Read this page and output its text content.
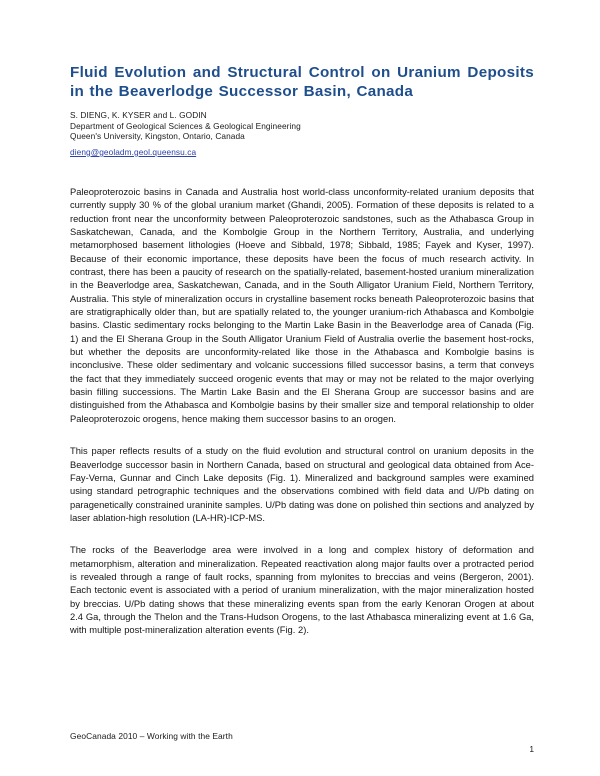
Fluid Evolution and Structural Control on Uranium Deposits
in the Beaverlodge Successor Basin, Canada
S. DIENG, K. KYSER and L. GODIN
Department of Geological Sciences & Geological Engineering
Queen's University, Kingston, Ontario, Canada
dieng@geoladm.geol.queensu.ca

Paleoproterozoic basins in Canada and Australia host world-class unconformity-related uranium deposits that currently supply 30 % of the global uranium market (Ghandi, 2005). Formation of these deposits is related to a reduction front near the unconformity between Paleoproterozoic sandstones, such as the Athabasca Group in Saskatchewan, Canada, and the Kombolgie Group in the Northern Territory, Australia, and underlying metamorphosed basement lithologies (Hoeve and Sibbald, 1978; Sibbald, 1985; Fayek and Kyser, 1997). Because of their economic importance, these deposits have been the focus of much research activity. In contrast, there has been a paucity of research on the spatially-related, basement-hosted uranium mineralization in the Beaverlodge area, Saskatchewan, Canada, and in the South Alligator Uranium Field, Northern Territory, Australia. This style of mineralization occurs in crystalline basement rocks beneath Paleoproterozoic basins that are stratigraphically older than, but are spatially related to, the younger uranium-rich Athabasca and Kombolgie basins. Clastic sedimentary rocks belonging to the Martin Lake Basin in the Beaverlodge area of Canada (Fig. 1) and the El Sherana Group in the South Alligator Uranium Field of Australia overlie the basement host-rocks, but whether the deposits are unconformity-related like those in the Athabasca and Kombolgie basins is inconclusive. These older sedimentary and volcanic successions filled successor basins, a term that conveys the fact that they immediately succeed orogenic events that may or may not be related to the major overlying basin filling successions. The Martin Lake Basin and the El Sherana Group are successor basins and are distinguished from the Athabasca and Kombolgie basins by their smaller size and temporal relationship to older Paleoproterozoic orogens, hence making them successor basins to an orogen.

This paper reflects results of a study on the fluid evolution and structural control on uranium deposits in the Beaverlodge successor basin in Northern Canada, based on structural and geological data obtained from Ace-Fay-Verna, Gunnar and Cinch Lake deposits (Fig. 1). Mineralized and background samples were examined using standard petrographic techniques and the observations combined with field data and U/Pb dating on paragenetically constrained uraninite samples. U/Pb dating was done on polished thin sections and analyzed by laser ablation-high resolution (LA-HR)-ICP-MS.

The rocks of the Beaverlodge area were involved in a long and complex history of deformation and metamorphism, alteration and mineralization. Repeated reactivation along major faults over a protracted period is revealed through a range of fault rocks, spanning from mylonites to breccias and veins (Bergeron, 2001). Each tectonic event is associated with a period of uranium mineralization, with the major mineralization hosted by breccias. U/Pb dating shows that these mineralizing events span from the early Kenoran Orogen at about 2.4 Ga, through the Thelon and the Trans-Hudson Orogens, to the last Athabasca mineralizing event at 1.6 Ga, with multiple post-mineralization alteration events (Fig. 2).

GeoCanada 2010 – Working with the Earth
1
